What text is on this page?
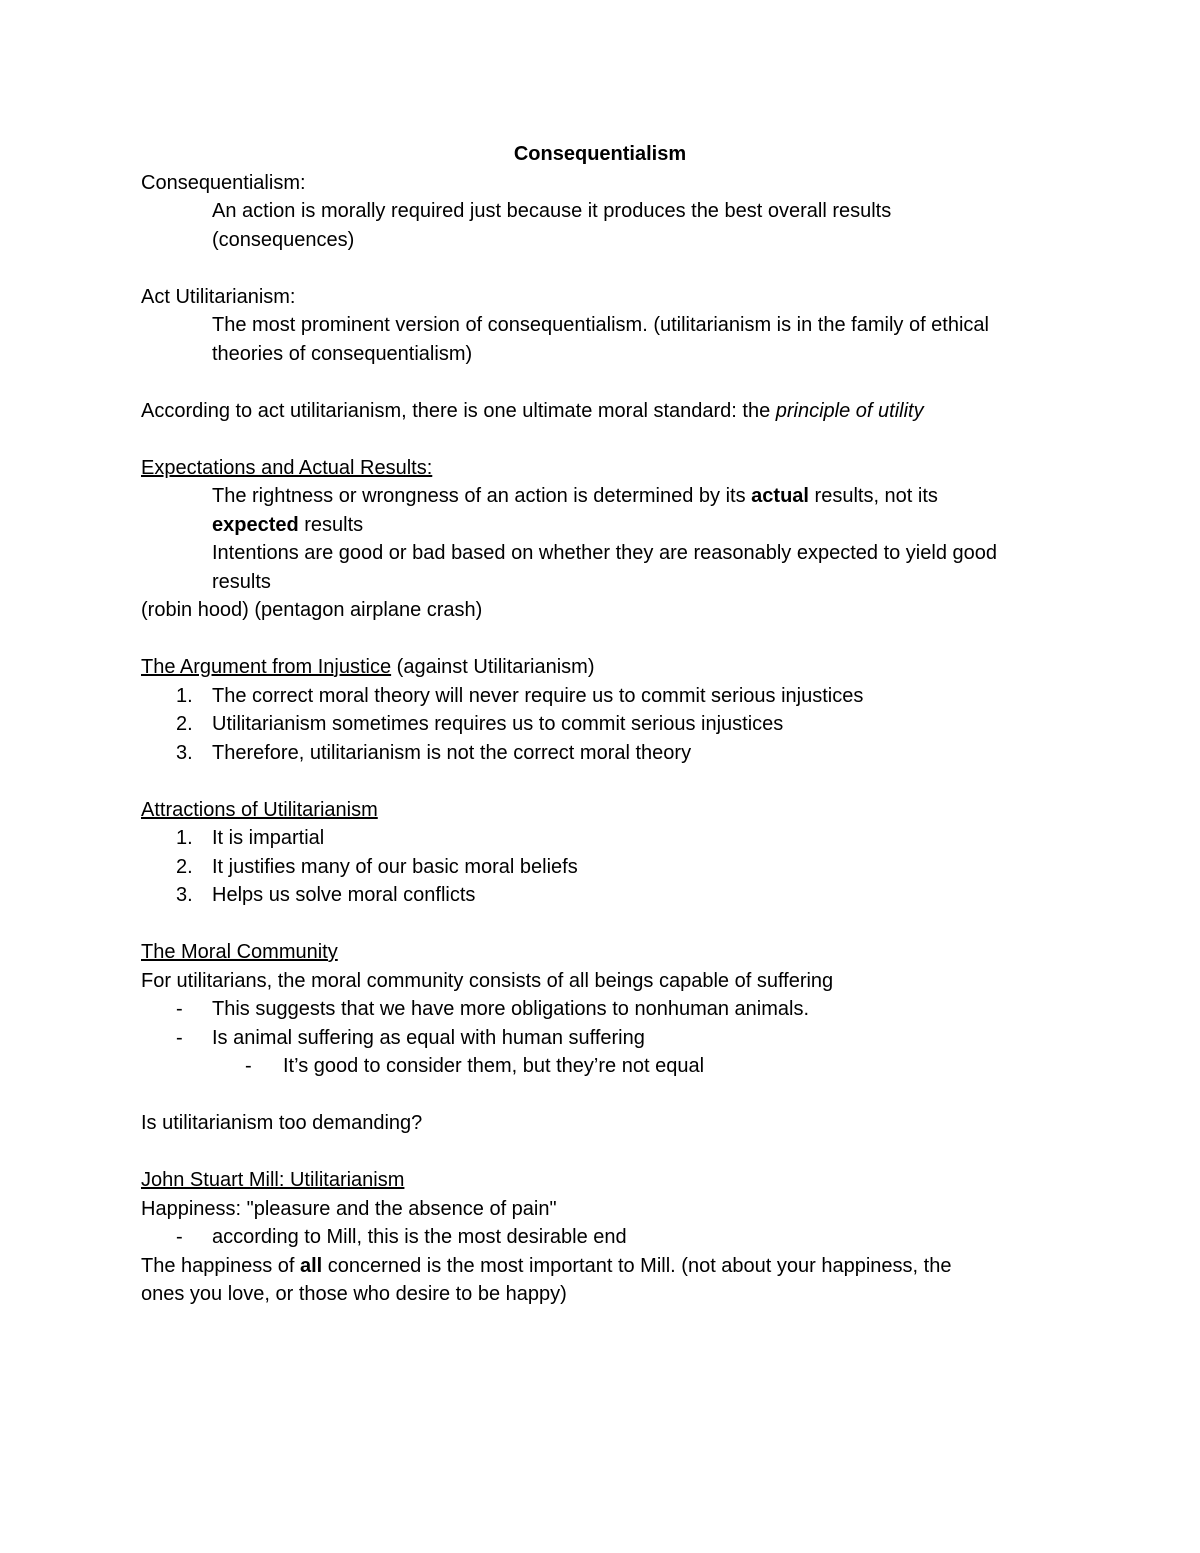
Consequentialism
Consequentialism:
An action is morally required just because it produces the best overall results
(consequences)
Act Utilitarianism:
The most prominent version of consequentialism. (utilitarianism is in the family of ethical
theories of consequentialism)
According to act utilitarianism, there is one ultimate moral standard: the principle of utility
Expectations and Actual Results:
The rightness or wrongness of an action is determined by its actual results, not its
expected results
Intentions are good or bad based on whether they are reasonably expected to yield good
results
(robin hood) (pentagon airplane crash)
The Argument from Injustice (against Utilitarianism)
1. The correct moral theory will never require us to commit serious injustices
2. Utilitarianism sometimes requires us to commit serious injustices
3. Therefore, utilitarianism is not the correct moral theory
Attractions of Utilitarianism
1. It is impartial
2. It justifies many of our basic moral beliefs
3. Helps us solve moral conflicts
The Moral Community
For utilitarians, the moral community consists of all beings capable of suffering
-	This suggests that we have more obligations to nonhuman animals.
-	Is animal suffering as equal with human suffering
-	It’s good to consider them, but they’re not equal
Is utilitarianism too demanding?
John Stuart Mill: Utilitarianism
Happiness: "pleasure and the absence of pain"
-	according to Mill, this is the most desirable end
The happiness of all concerned is the most important to Mill. (not about your happiness, the
ones you love, or those who desire to be happy)
